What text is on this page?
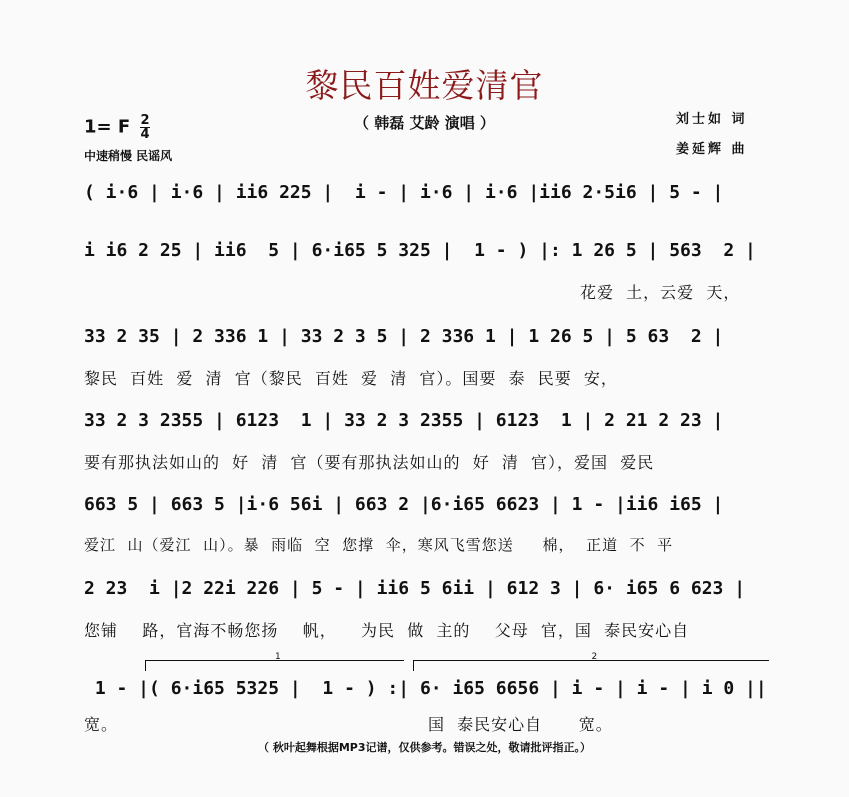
黎民百姓爱清官
（ 韩磊 艾龄 演唱 ）
1= F $\frac{2}{4}$
中速稍慢 民谣风
刘士如 词
姜延辉 曲
( i·6 | i·6 | ii6 225 |  i - | i·6 | i·6 |ii6 2·5i6 | 5 - |
i i6 2 25 | ii6  5 | 6·i65 5 325 |  1 - ) |: 1 26 5 | 563  2 |
花爱  土，云爱  天，
33 2 35 | 2 336 1 | 33 2 3 5 | 2 336 1 | 1 26 5 | 5 63  2 |
黎民  百姓  爱  清  官（黎民  百姓  爱  清  官）。国要  泰  民要  安，
33 2 3 2355 | 6123  1 | 33 2 3 2355 | 6123  1 | 2 21 2 23 |
要有那执法如山的  好  清  官（要有那执法如山的  好  清  官），爱国  爱民
663 5 | 663 5 |i·6 56i | 663 2 |6·i65 6623 | 1 - |ii6 i65 |
爱江  山（爱江  山）。暴  雨临  空  您撑  伞，寒风飞雪您送     棉，  正道  不  平
2 23  i |2 22i 226 | 5 - | ii6 5 6ii | 612 3 | 6· i65 6 623 |
您铺    路，官海不畅您扬    帆，    为民  做  主的    父母  官，国  泰民安心自
1	2
1 - |( 6·i65 5325 |  1 - ) :| 6· i65 6656 | i - | i - | i 0 ||
宽。	国  泰民安心自      宽。
（ 秋叶起舞根据MP3记谱，仅供参考。错误之处，敬请批评指正。）
